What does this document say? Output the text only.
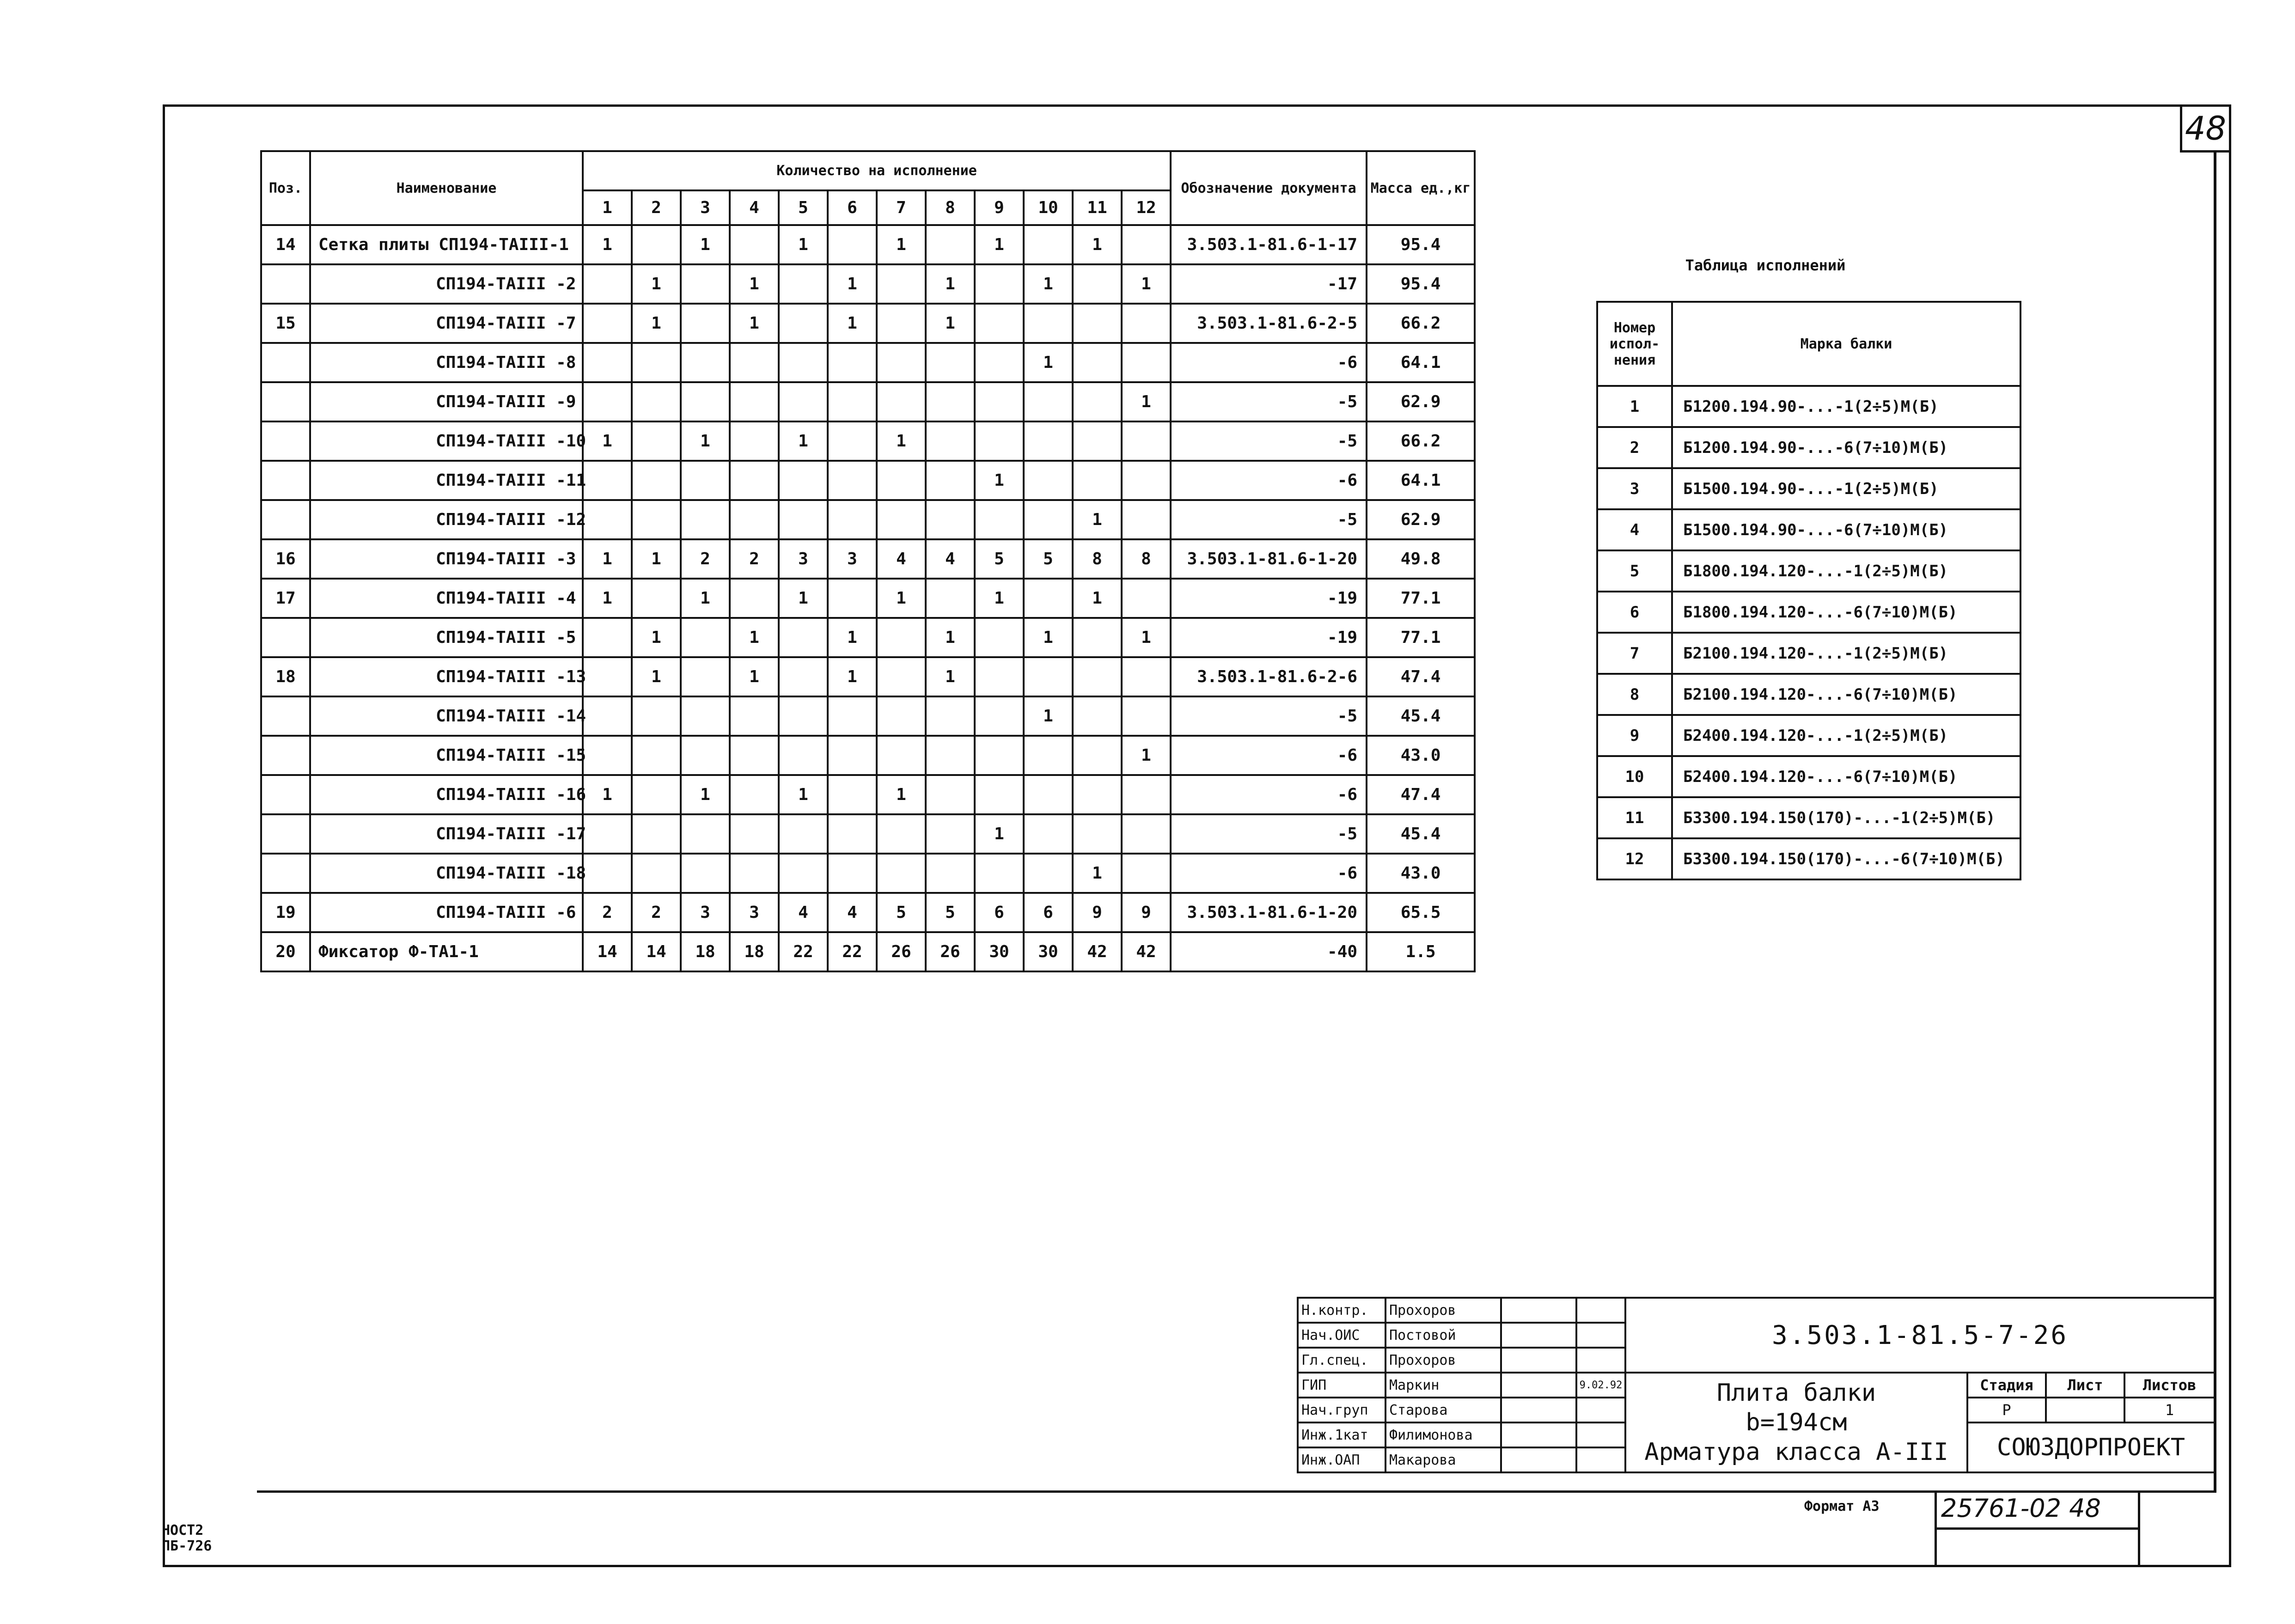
48
Поз.	Наименование	Количество на исполнение												Обозначение документа	Масса ед.,кг
		1	2	3	4	5	6	7	8	9	10	11	12		
14	Сетка плиты СП194-ТАIII-1	1		1		1		1		1		1		3.503.1-81.6-1-17	95.4
	СП194-ТАIII -2		1		1		1		1		1		1	-17	95.4
15	СП194-ТАIII -7		1		1		1		1					3.503.1-81.6-2-5	66.2
	СП194-ТАIII -8										1			-6	64.1
	СП194-ТАIII -9												1	-5	62.9
	СП194-ТАIII -10	1		1		1		1						-5	66.2
	СП194-ТАIII -11									1				-6	64.1
	СП194-ТАIII -12											1		-5	62.9
16	СП194-ТАIII -3	1	1	2	2	3	3	4	4	5	5	8	8	3.503.1-81.6-1-20	49.8
17	СП194-ТАIII -4	1		1		1		1		1		1		-19	77.1
	СП194-ТАIII -5		1		1		1		1		1		1	-19	77.1
18	СП194-ТАIII -13		1		1		1		1					3.503.1-81.6-2-6	47.4
	СП194-ТАIII -14										1			-5	45.4
	СП194-ТАIII -15												1	-6	43.0
	СП194-ТАIII -16	1		1		1		1						-6	47.4
	СП194-ТАIII -17									1				-5	45.4
	СП194-ТАIII -18											1		-6	43.0
19	СП194-ТАIII -6	2	2	3	3	4	4	5	5	6	6	9	9	3.503.1-81.6-1-20	65.5
20	Фиксатор Ф-ТА1-1	14	14	18	18	22	22	26	26	30	30	42	42	-40	1.5
Таблица исполнений
Номер испол-нения	Марка балки
1	Б1200.194.90-...-1(2÷5)М(Б)
2	Б1200.194.90-...-6(7÷10)М(Б)
3	Б1500.194.90-...-1(2÷5)М(Б)
4	Б1500.194.90-...-6(7÷10)М(Б)
5	Б1800.194.120-...-1(2÷5)М(Б)
6	Б1800.194.120-...-6(7÷10)М(Б)
7	Б2100.194.120-...-1(2÷5)М(Б)
8	Б2100.194.120-...-6(7÷10)М(Б)
9	Б2400.194.120-...-1(2÷5)М(Б)
10	Б2400.194.120-...-6(7÷10)М(Б)
11	Б3300.194.150(170)-...-1(2÷5)М(Б)
12	Б3300.194.150(170)-...-6(7÷10)М(Б)
Н.контр.	Прохоров			3.503.1-81.5-7-26			
Нач.ОИС	Постовой						
Гл.спец.	Прохоров						
ГИП	Маркин		9.02.92	Плита балки
b=194см
Арматура класса А-III	Стадия	Лист	Листов
Нач.груп	Старова				Р		1
Инж.1кат	Филимонова				СОЮЗДОРПРОЕКТ		
Инж.ОАП	Макарова						
Формат А3 25761-02 48
НОСТ2
ПБ-726
